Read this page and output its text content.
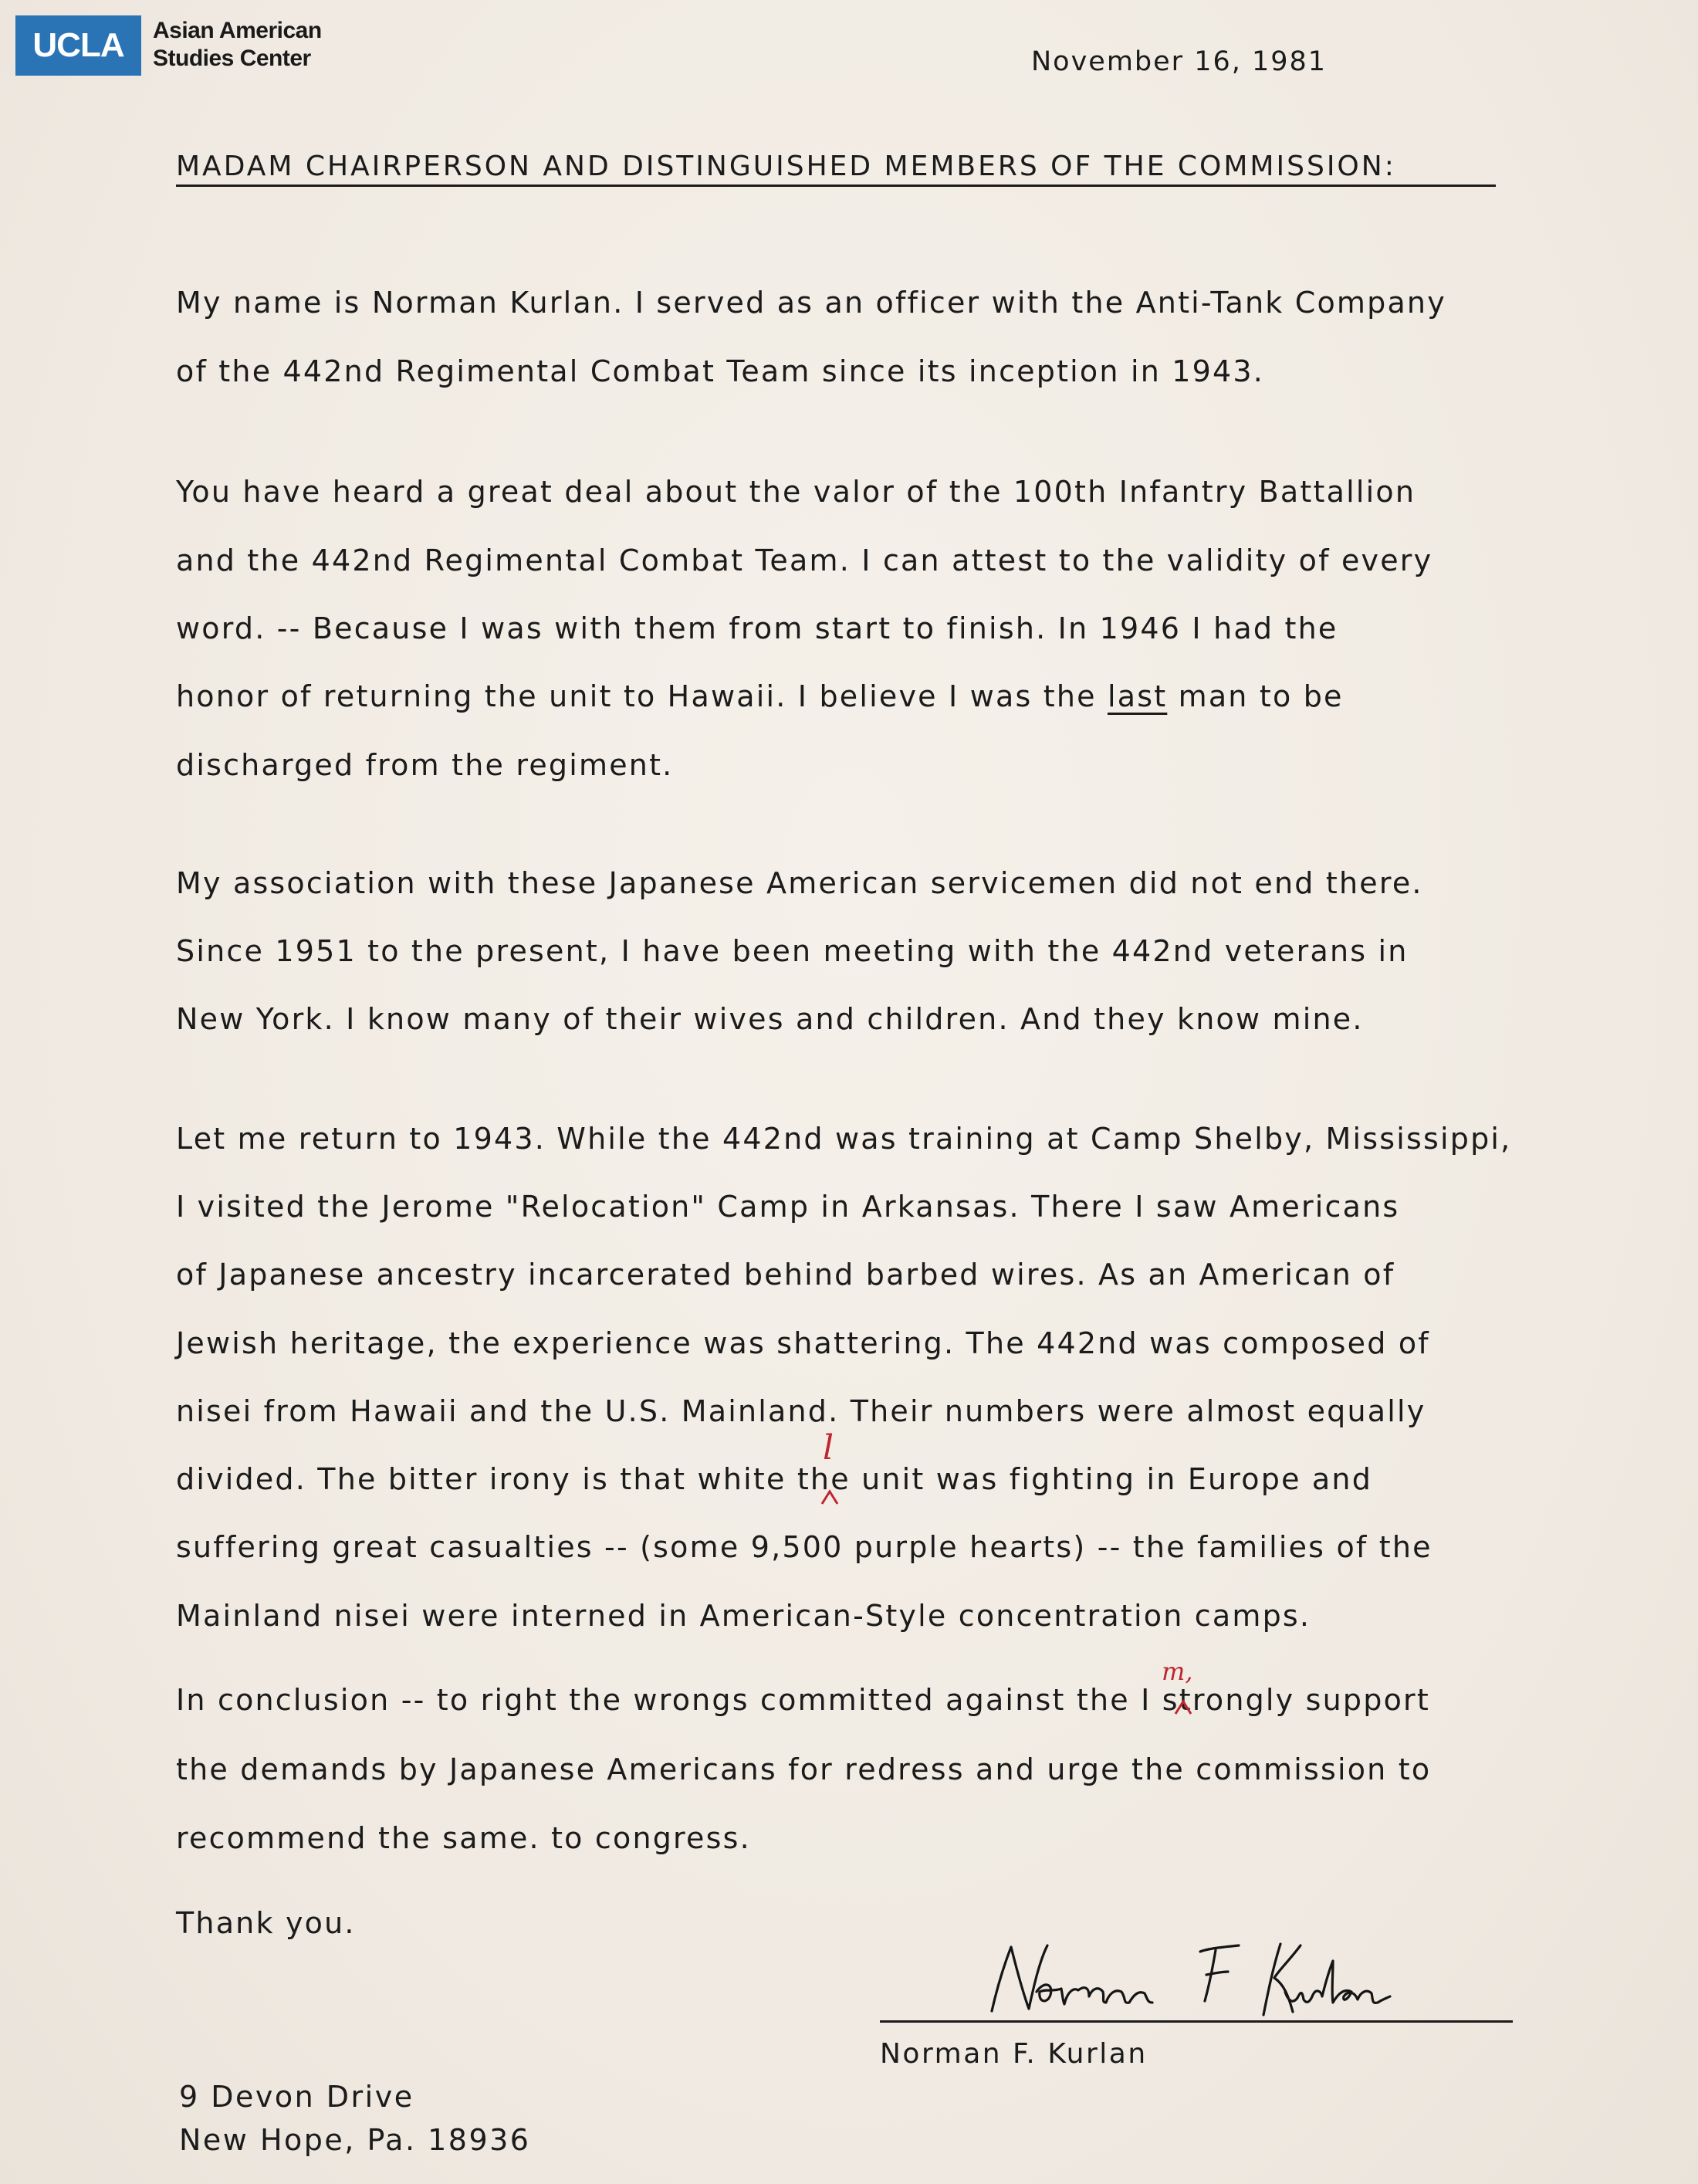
UCLA	Asian American
Studies Center	November 16, 1981
MADAM CHAIRPERSON AND DISTINGUISHED MEMBERS OF THE COMMISSION:
My name is Norman Kurlan. I served as an officer with the Anti-Tank Company
of the 442nd Regimental Combat Team since its inception in 1943.
You have heard a great deal about the valor of the 100th Infantry Battallion
and the 442nd Regimental Combat Team. I can attest to the validity of every
word. -- Because I was with them from start to finish. In 1946 I had the
honor of returning the unit to Hawaii. I believe I was the last man to be
discharged from the regiment.
My association with these Japanese American servicemen did not end there.
Since 1951 to the present, I have been meeting with the 442nd veterans in
New York. I know many of their wives and children. And they know mine.
Let me return to 1943. While the 442nd was training at Camp Shelby, Mississippi,
I visited the Jerome "Relocation" Camp in Arkansas. There I saw Americans
of Japanese ancestry incarcerated behind barbed wires. As an American of
Jewish heritage, the experience was shattering. The 442nd was composed of
nisei from Hawaii and the U.S. Mainland. Their numbers were almost equally
divided. The bitter irony is that white the unit was fighting in Europe and
suffering great casualties -- (some 9,500 purple hearts) -- the families of the
Mainland nisei were interned in American-Style concentration camps.
In conclusion -- to right the wrongs committed against the I strongly support
the demands by Japanese Americans for redress and urge the commission to
recommend the same. to congress.
Thank you.
l
m,
Norman F. Kurlan
9 Devon Drive
New Hope, Pa. 18936
